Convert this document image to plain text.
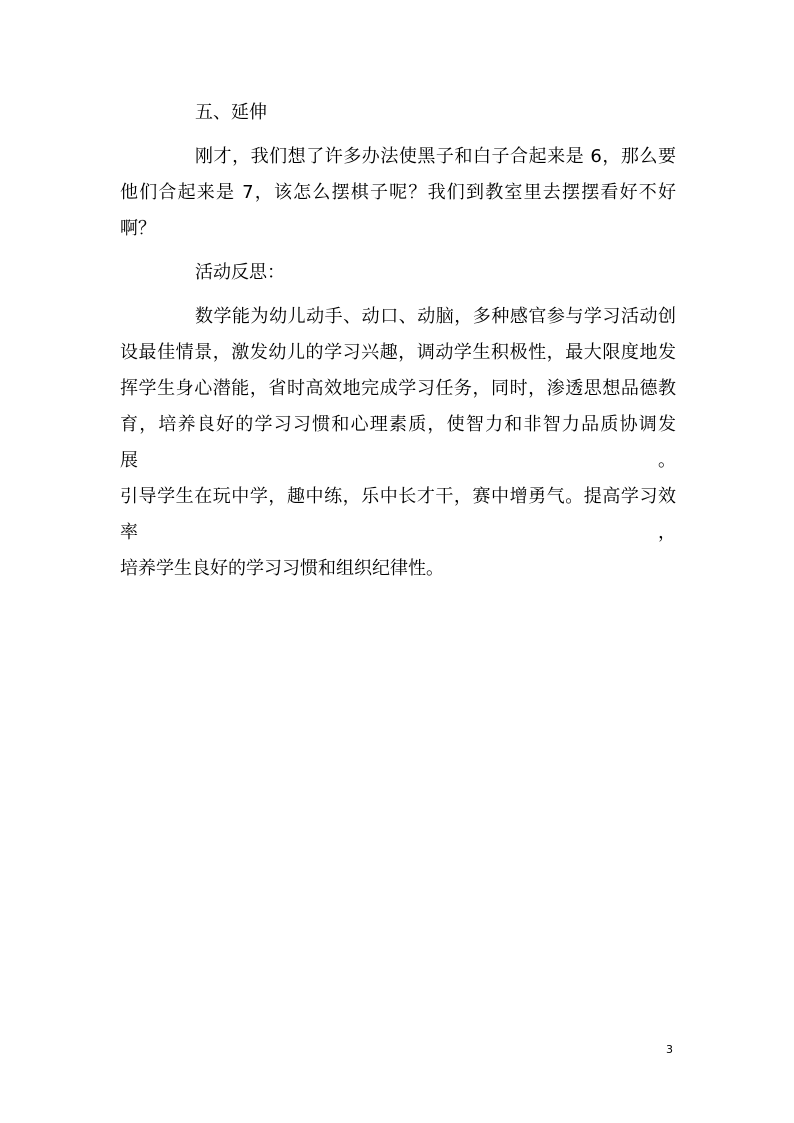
五、延伸

刚才，我们想了许多办法使黑子和白子合起来是 6，那么要

他们合起来是 7，该怎么摆棋子呢？我们到教室里去摆摆看好不好啊？

活动反思：

数学能为幼儿动手、动口、动脑，多种感官参与学习活动创

设最佳情景，激发幼儿的学习兴趣，调动学生积极性，最大限度地发

挥学生身心潜能，省时高效地完成学习任务，同时，渗透思想品德教

育，培养良好的学习习惯和心理素质，使智力和非智力品质协调发展。

引导学生在玩中学，趣中练，乐中长才干，赛中增勇气。提高学习效率，

培养学生良好的学习习惯和组织纪律性。

3
